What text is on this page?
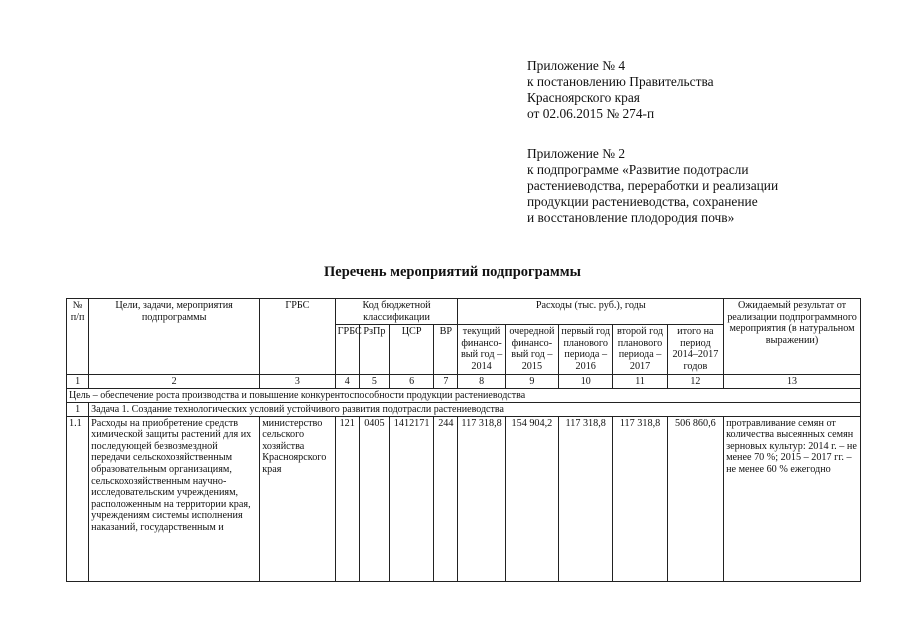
Приложение № 4
к постановлению Правительства
Красноярского края
от 02.06.2015 № 274-п
Приложение № 2
к подпрограмме «Развитие подотрасли
растениеводства, переработки и реализации
продукции растениеводства, сохранение
и восстановление плодородия почв»
Перечень мероприятий подпрограммы
№ п/п	Цели, задачи, мероприятия подпрограммы	ГРБС	Код бюджетной классификации				Расходы (тыс. руб.), годы					Ожидаемый результат от реализации подпрограммного мероприятия (в натуральном выражении)
			ГРБС	РзПр	ЦСР	ВР	текущий финансо- вый год – 2014	очередной финансо- вый год – 2015	первый год планового периода – 2016	второй год планового периода – 2017	итого на период 2014–2017 годов	
1	2	3	4	5	6	7	8	9	10	11	12	13
Цель – обеспечение роста производства и повышение конкурентоспособности продукции растениеводства												
1	Задача 1. Создание технологических условий устойчивого развития подотрасли растениеводства											
1.1	Расходы на приобретение средств химической защиты растений для их последующей безвозмездной передачи сельскохозяйственным образовательным организациям, сельскохозяйственным научно-исследовательским учреждениям, расположенным на территории края, учреждениям системы исполнения наказаний, государственным и	министерство сельского хозяйства Красноярского края	121	0405	1412171	244	117 318,8	154 904,2	117 318,8	117 318,8	506 860,6	протравливание семян от количества высеянных семян зерновых культур: 2014 г. – не менее 70 %; 2015 – 2017 гг. – не менее 60 % ежегодно
